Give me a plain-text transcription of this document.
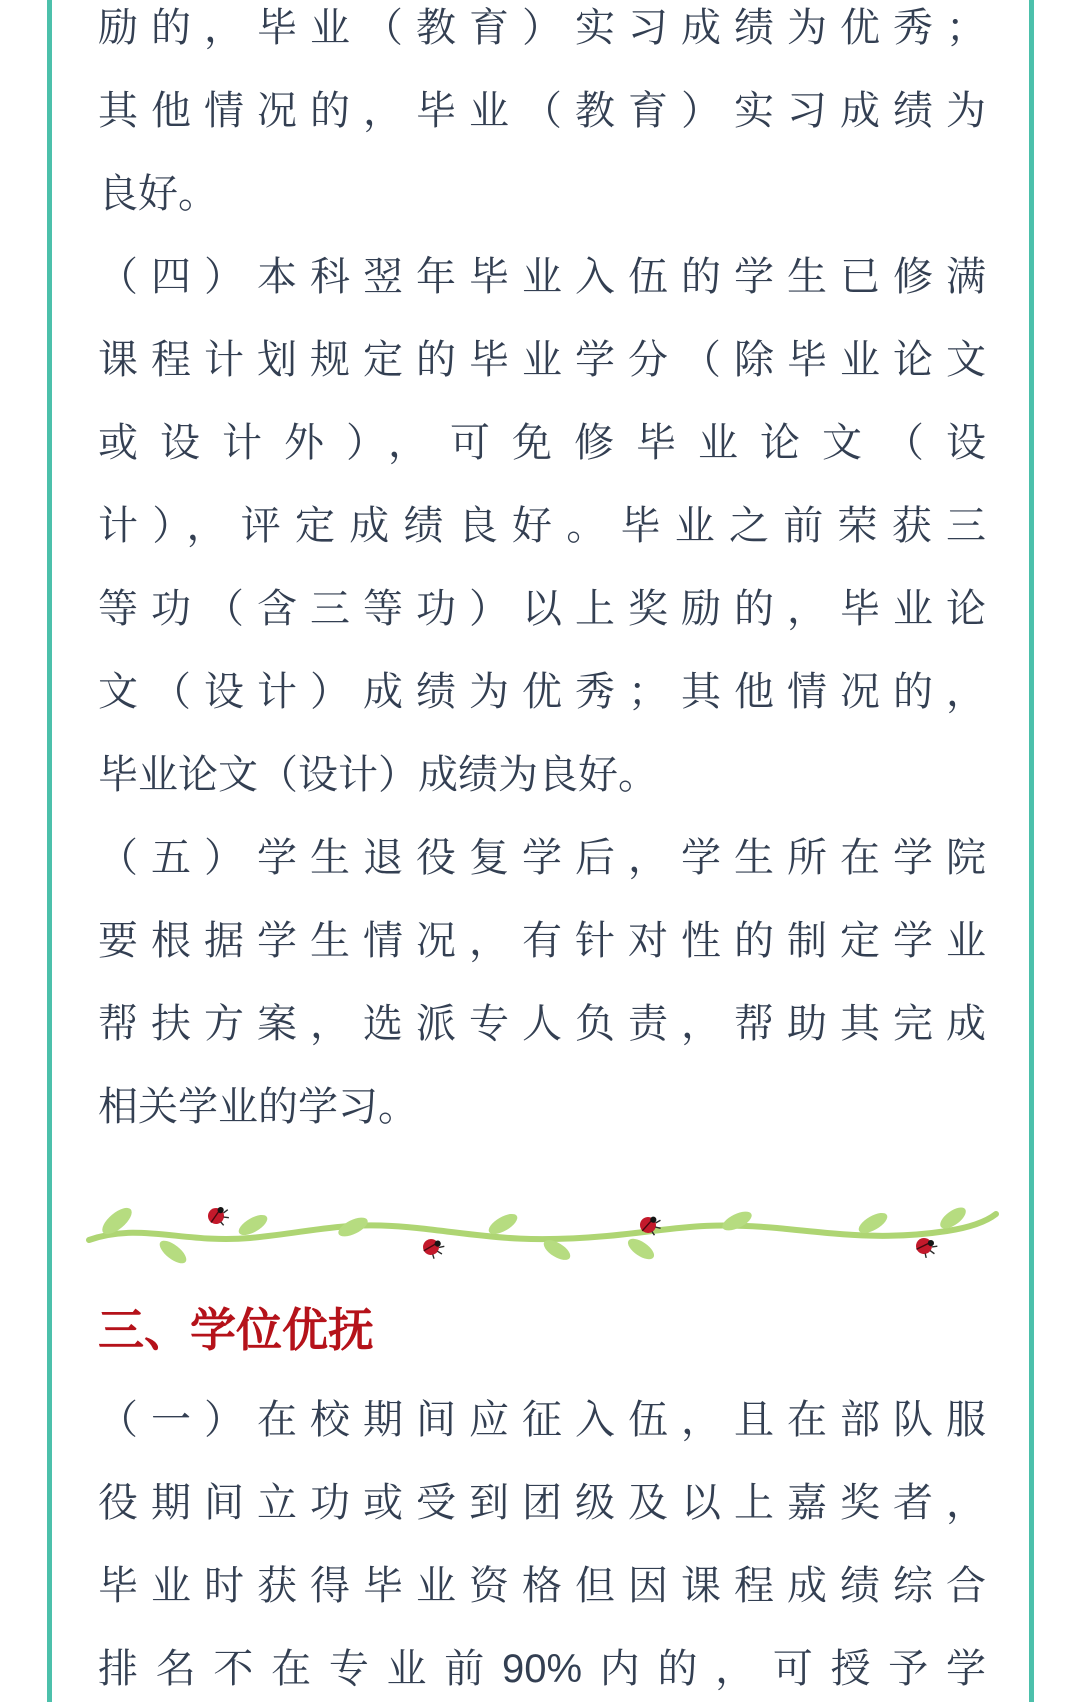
励的，毕业（教育）实习成绩为优秀；
其他情况的，毕业（教育）实习成绩为
良好。
（四）本科翌年毕业入伍的学生已修满
课程计划规定的毕业学分（除毕业论文
或设计外），可免修毕业论文（设
计），评定成绩良好。毕业之前荣获三
等功（含三等功）以上奖励的，毕业论
文（设计）成绩为优秀；其他情况的，
毕业论文（设计）成绩为良好。
（五）学生退役复学后，学生所在学院
要根据学生情况，有针对性的制定学业
帮扶方案，选派专人负责，帮助其完成
相关学业的学习。
三、学位优抚
（一）在校期间应征入伍，且在部队服
役期间立功或受到团级及以上嘉奖者，
毕业时获得毕业资格但因课程成绩综合
排名不在专业前90%内的，可授予学
